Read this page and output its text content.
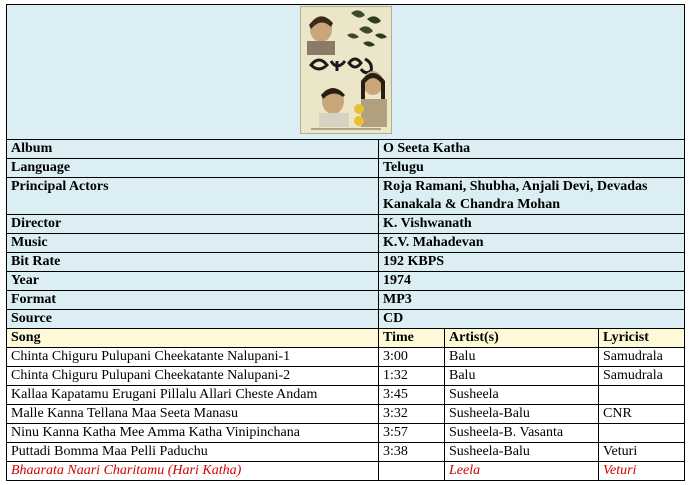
Album	O Seeta Katha		
Language	Telugu		
Principal Actors	Roja Ramani, Shubha, Anjali Devi, Devadas Kanakala & Chandra Mohan		
Director	K. Vishwanath		
Music	K.V. Mahadevan		
Bit Rate	192 KBPS		
Year	1974		
Format	MP3		
Source	CD		
Song	Time	Artist(s)	Lyricist
Chinta Chiguru Pulupani Cheekatante Nalupani-1	3:00	Balu	Samudrala
Chinta Chiguru Pulupani Cheekatante Nalupani-2	1:32	Balu	Samudrala
Kallaa Kapatamu Erugani Pillalu Allari Cheste Andam	3:45	Susheela	
Malle Kanna Tellana Maa Seeta Manasu	3:32	Susheela-Balu	CNR
Ninu Kanna Katha Mee Amma Katha Vinipinchana	3:57	Susheela-B. Vasanta	
Puttadi Bomma Maa Pelli Paduchu	3:38	Susheela-Balu	Veturi
Bhaarata Naari Charitamu (Hari Katha)		Leela	Veturi
